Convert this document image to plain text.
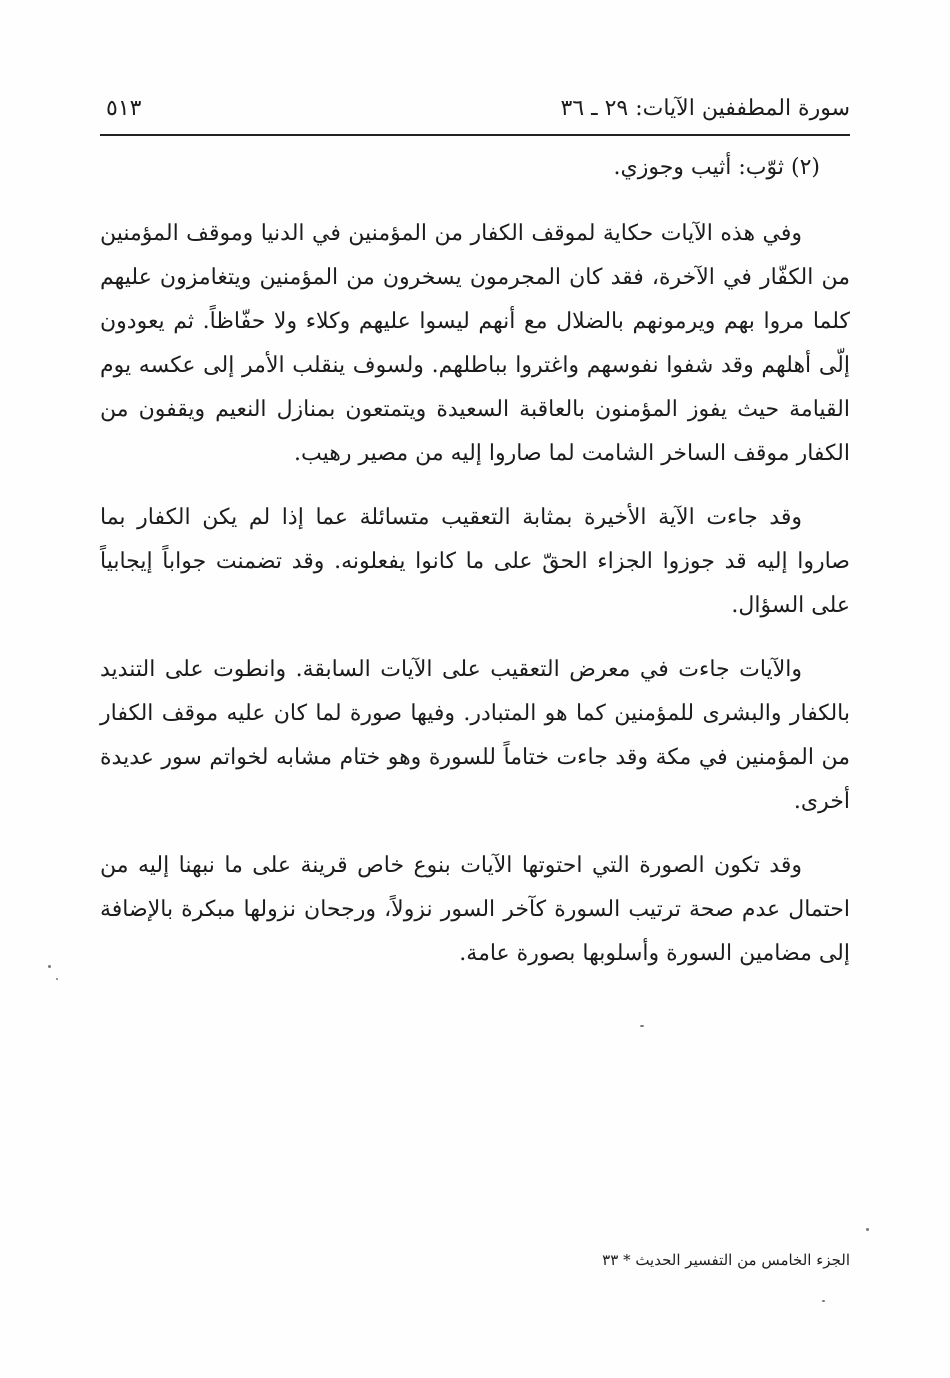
سورة المطففين الآيات: ٢٩ ـ ٣٦
٥١٣

(٢) ثوّب: أثيب وجوزي.

وفي هذه الآيات حكاية لموقف الكفار من المؤمنين في الدنيا وموقف المؤمنين من الكفّار في الآخرة، فقد كان المجرمون يسخرون من المؤمنين ويتغامزون عليهم كلما مروا بهم ويرمونهم بالضلال مع أنهم ليسوا عليهم وكلاء ولا حفّاظاً. ثم يعودون إلّى أهلهم وقد شفوا نفوسهم واغتروا بباطلهم. ولسوف ينقلب الأمر إلى عكسه يوم القيامة حيث يفوز المؤمنون بالعاقبة السعيدة ويتمتعون بمنازل النعيم ويقفون من الكفار موقف الساخر الشامت لما صاروا إليه من مصير رهيب.

وقد جاءت الآية الأخيرة بمثابة التعقيب متسائلة عما إذا لم يكن الكفار بما صاروا إليه قد جوزوا الجزاء الحقّ على ما كانوا يفعلونه. وقد تضمنت جواباً إيجابياً على السؤال.

والآيات جاءت في معرض التعقيب على الآيات السابقة. وانطوت على التنديد بالكفار والبشرى للمؤمنين كما هو المتبادر. وفيها صورة لما كان عليه موقف الكفار من المؤمنين في مكة وقد جاءت ختاماً للسورة وهو ختام مشابه لخواتم سور عديدة أخرى.

وقد تكون الصورة التي احتوتها الآيات بنوع خاص قرينة على ما نبهنا إليه من احتمال عدم صحة ترتيب السورة كآخر السور نزولاً، ورجحان نزولها مبكرة بالإضافة إلى مضامين السورة وأسلوبها بصورة عامة.

الجزء الخامس من التفسير الحديث * ٣٣
